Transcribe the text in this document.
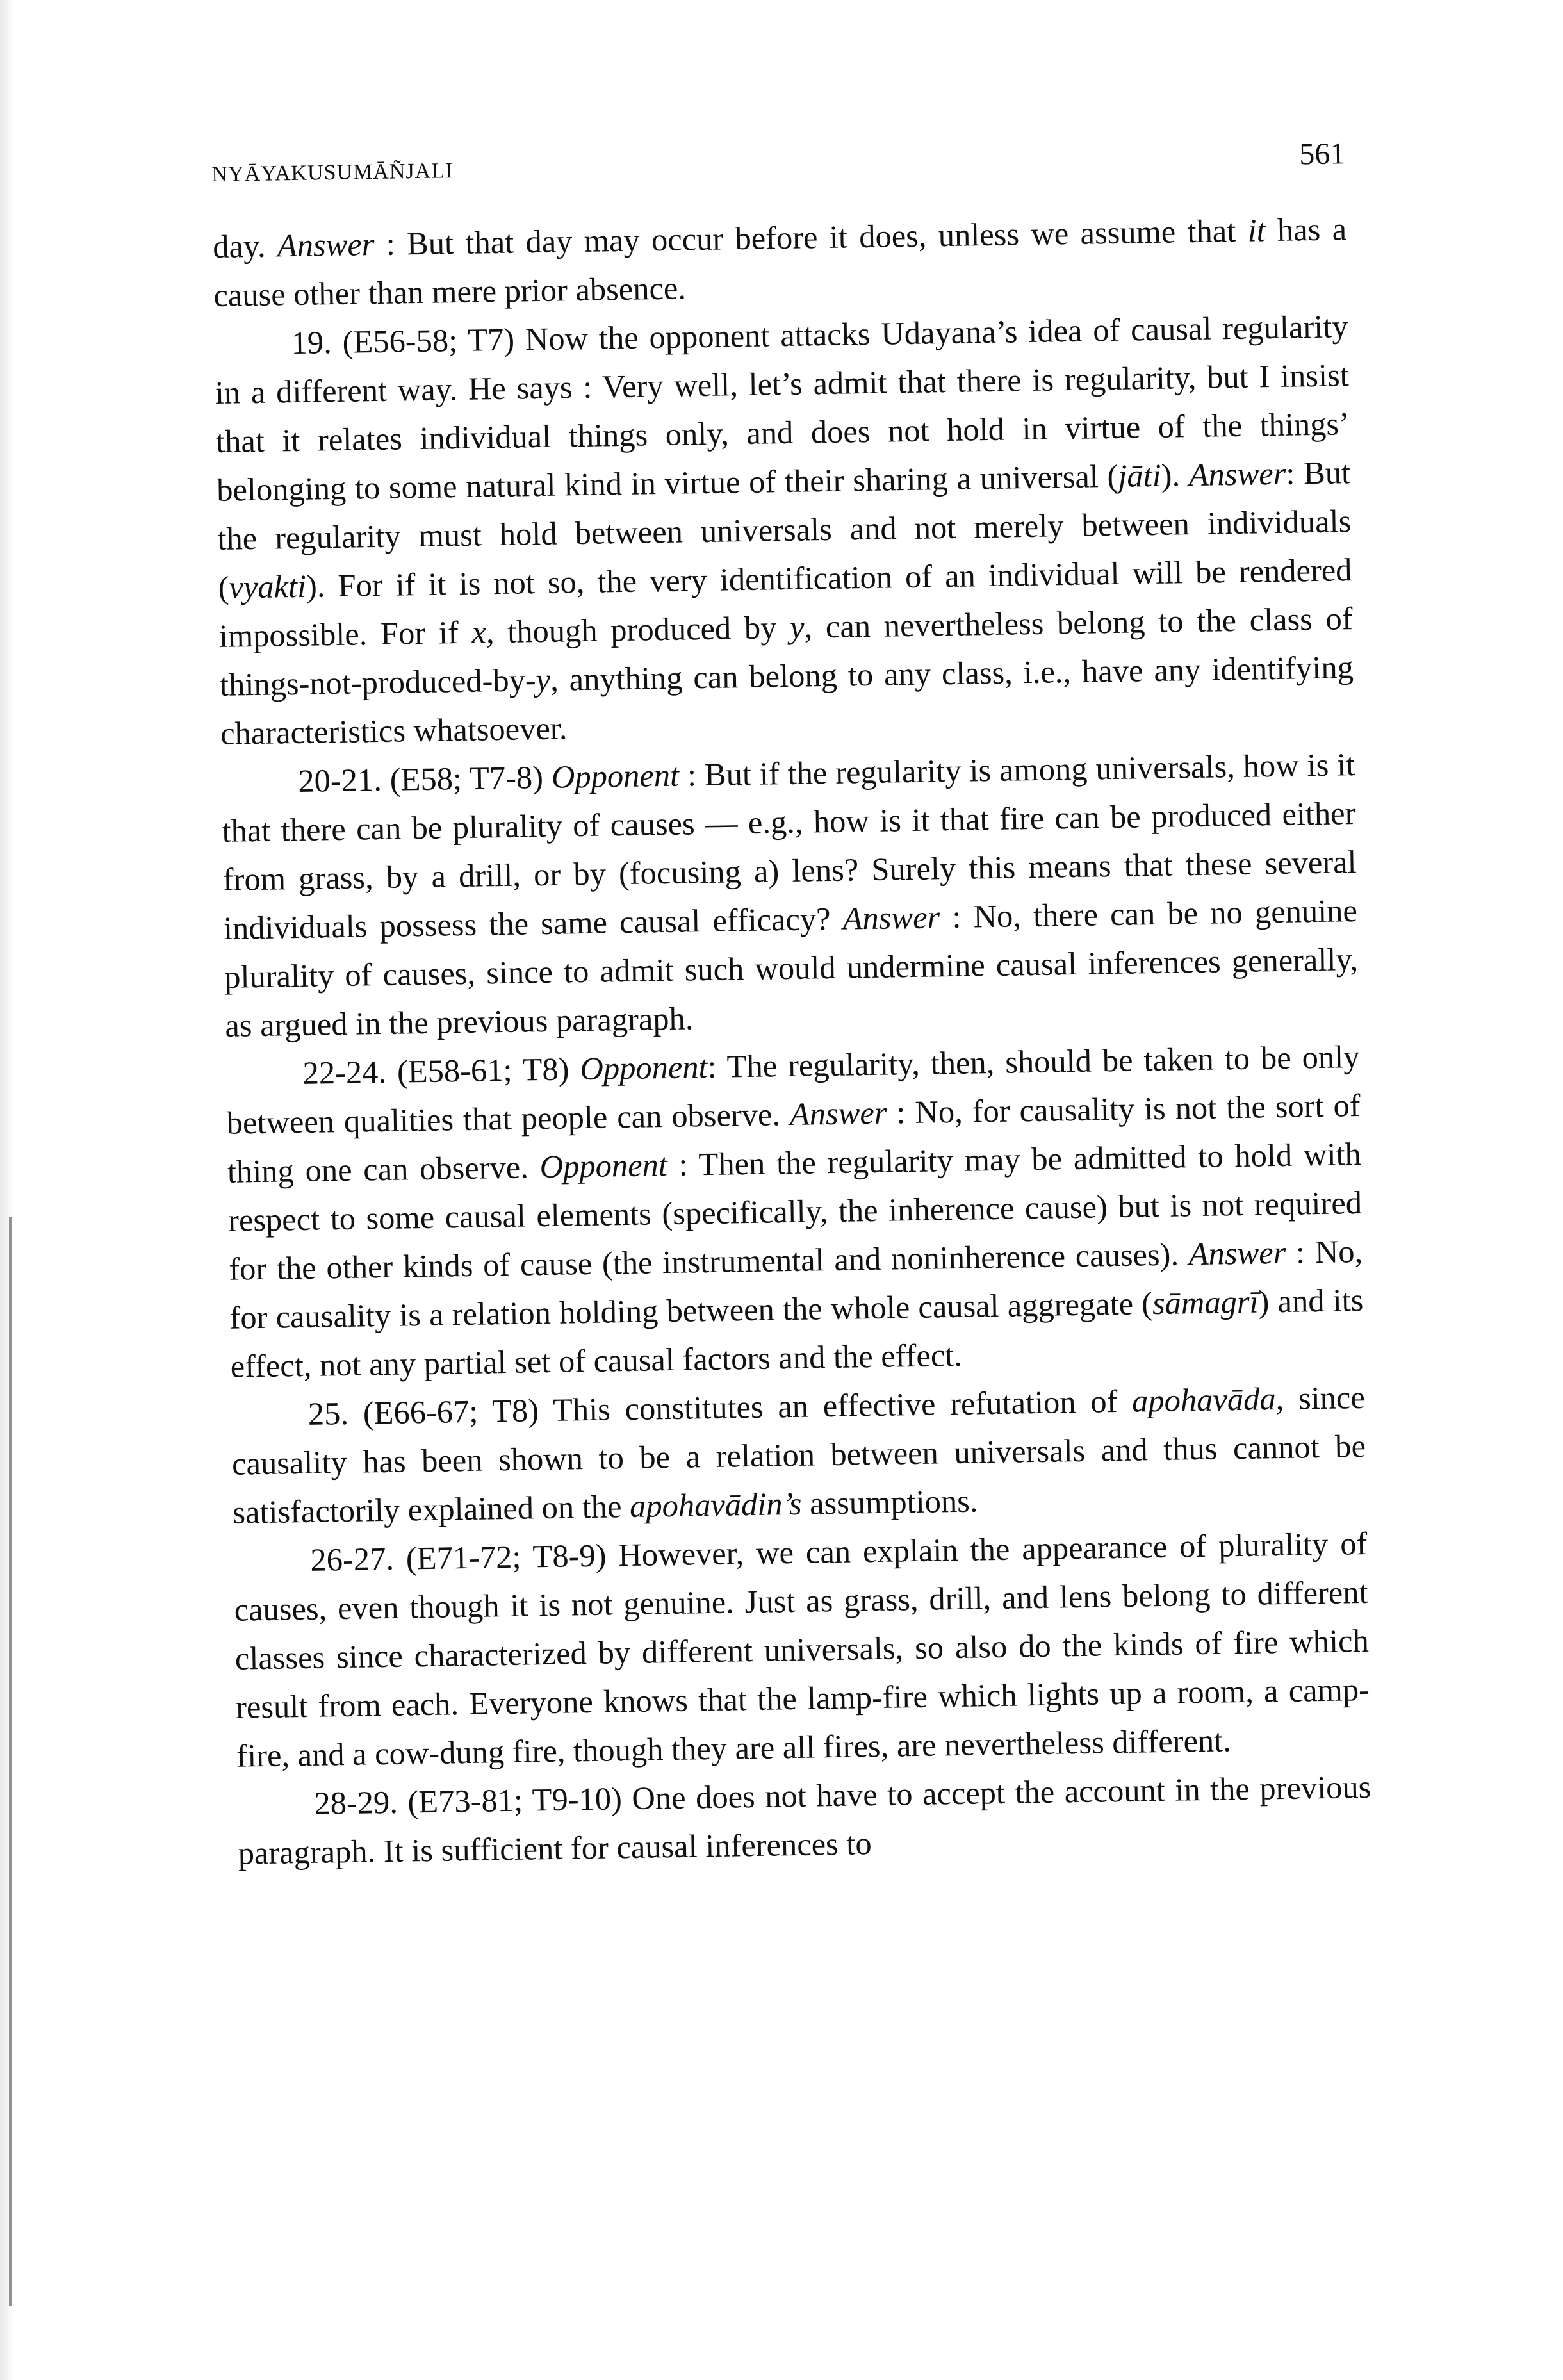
NYĀYAKUSUMĀÑJALI
561

day. Answer : But that day may occur before it does, unless we assume that it has a cause other than mere prior absence.

19. (E56-58; T7) Now the opponent attacks Udayana’s idea of causal regularity in a different way. He says : Very well, let’s admit that there is regularity, but I insist that it relates individual things only, and does not hold in virtue of the things’ belonging to some natural kind in virtue of their sharing a universal (jāti). Answer: But the regularity must hold between universals and not merely between individuals (vyakti). For if it is not so, the very identification of an individual will be rendered impossible. For if x, though produced by y, can nevertheless belong to the class of things-not-produced-by-y, anything can belong to any class, i.e., have any identifying characteristics whatsoever.

20-21. (E58; T7-8) Opponent : But if the regularity is among universals, how is it that there can be plurality of causes — e.g., how is it that fire can be produced either from grass, by a drill, or by (focusing a) lens? Surely this means that these several individuals possess the same causal efficacy? Answer : No, there can be no genuine plurality of causes, since to admit such would undermine causal inferences generally, as argued in the previous paragraph.

22-24. (E58-61; T8) Opponent: The regularity, then, should be taken to be only between qualities that people can observe. Answer : No, for causality is not the sort of thing one can observe. Opponent : Then the regularity may be admitted to hold with respect to some causal elements (specifically, the inherence cause) but is not required for the other kinds of cause (the instrumental and noninherence causes). Answer : No, for causality is a relation holding between the whole causal aggregate (sāmagrī) and its effect, not any partial set of causal factors and the effect.

25. (E66-67; T8) This constitutes an effective refutation of apohavāda, since causality has been shown to be a relation between universals and thus cannot be satisfactorily explained on the apohavādin’s assumptions.

26-27. (E71-72; T8-9) However, we can explain the appearance of plurality of causes, even though it is not genuine. Just as grass, drill, and lens belong to different classes since characterized by different universals, so also do the kinds of fire which result from each. Everyone knows that the lamp-fire which lights up a room, a camp-fire, and a cow-dung fire, though they are all fires, are nevertheless different.

28-29. (E73-81; T9-10) One does not have to accept the account in the previous paragraph. It is sufficient for causal inferences to
